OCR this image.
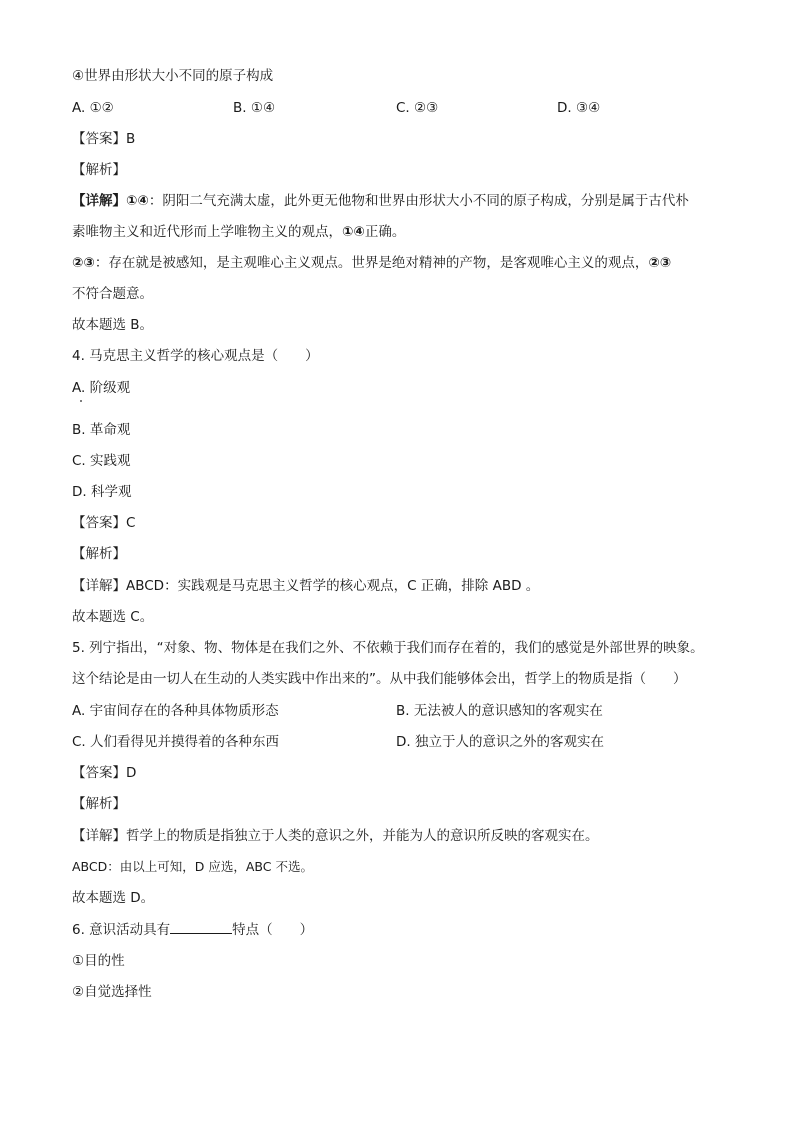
④世界由形状大小不同的原子构成
A. ①②	B. ①④	C. ②③	D. ③④
【答案】B
【解析】
【详解】①④：阴阳二气充满太虚，此外更无他物和世界由形状大小不同的原子构成，分别是属于古代朴
素唯物主义和近代形而上学唯物主义的观点，①④正确。
②③：存在就是被感知，是主观唯心主义观点。世界是绝对精神的产物，是客观唯心主义的观点，②③
不符合题意。
故本题选 B。
4. 马克思主义哲学的核心观点是（　　）
A. 阶级观
B. 革命观
C. 实践观
D. 科学观
【答案】C
【解析】
【详解】ABCD：实践观是马克思主义哲学的核心观点，C 正确，排除 ABD 。
故本题选 C。
5. 列宁指出，“对象、物、物体是在我们之外、不依赖于我们而存在着的，我们的感觉是外部世界的映象。
这个结论是由一切人在生动的人类实践中作出来的”。从中我们能够体会出，哲学上的物质是指（　　）
A. 宇宙间存在的各种具体物质形态	B. 无法被人的意识感知的客观实在
C. 人们看得见并摸得着的各种东西	D. 独立于人的意识之外的客观实在
【答案】D
【解析】
【详解】哲学上的物质是指独立于人类的意识之外，并能为人的意识所反映的客观实在。
ABCD：由以上可知，D 应选，ABC 不选。
故本题选 D。
6. 意识活动具有	特点（　　）
①目的性
②自觉选择性
